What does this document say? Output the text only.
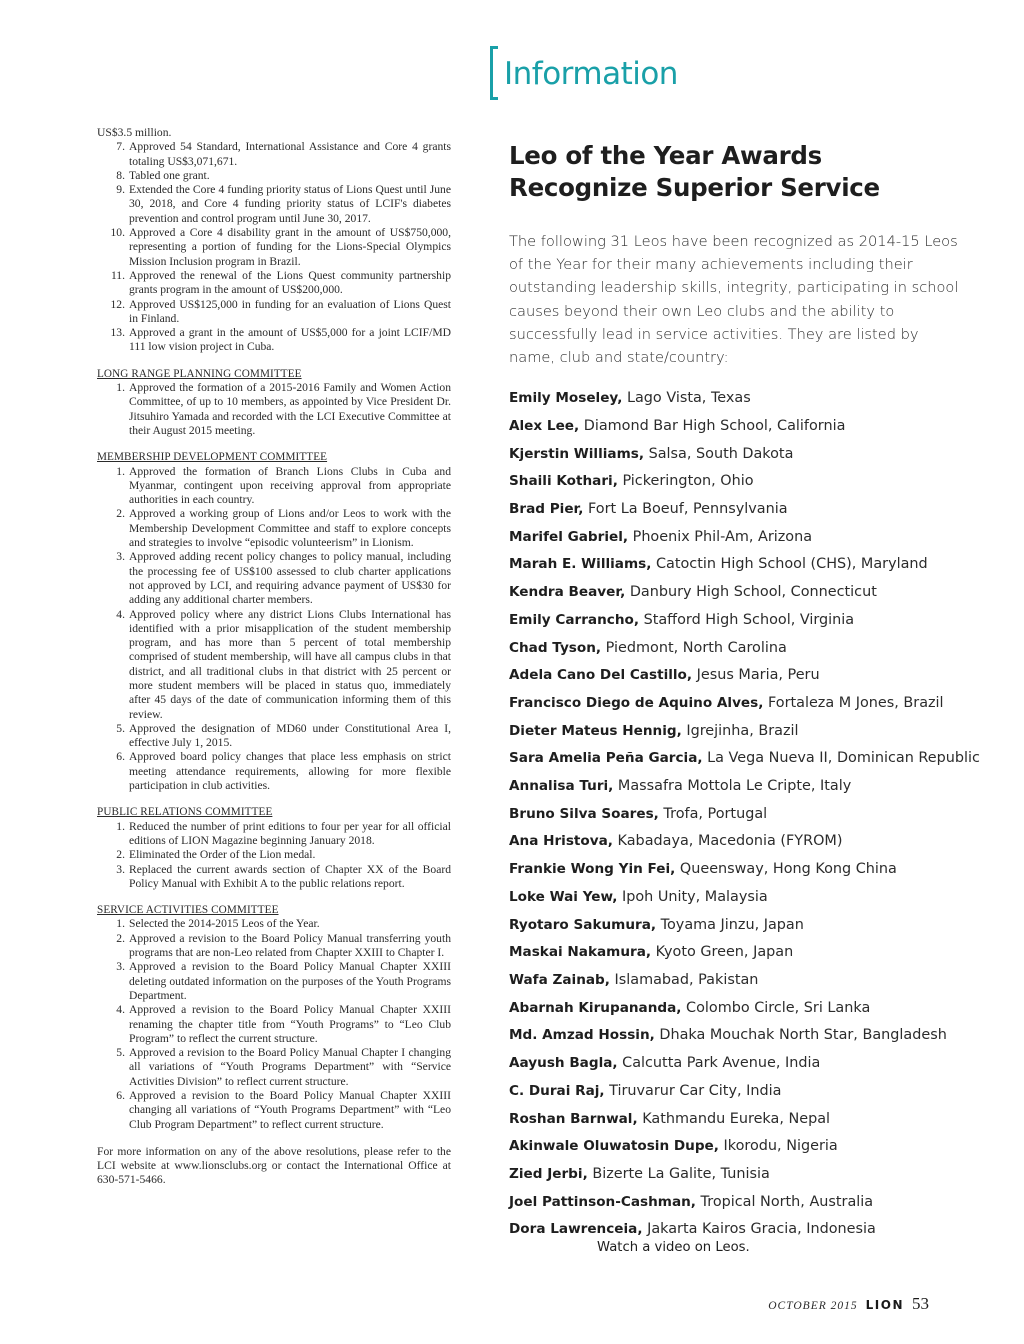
Information

US$3.5 million.

7. Approved 54 Standard, International Assistance and Core 4 grants totaling US$3,071,671.
8. Tabled one grant.
9. Extended the Core 4 funding priority status of Lions Quest until June 30, 2018, and Core 4 funding priority status of LCIF's diabetes prevention and control program until June 30, 2017.
10. Approved a Core 4 disability grant in the amount of US$750,000, representing a portion of funding for the Lions-Special Olympics Mission Inclusion program in Brazil.
11. Approved the renewal of the Lions Quest community partnership grants program in the amount of US$200,000.
12. Approved US$125,000 in funding for an evaluation of Lions Quest in Finland.
13. Approved a grant in the amount of US$5,000 for a joint LCIF/MD 111 low vision project in Cuba.
LONG RANGE PLANNING COMMITTEE
1. Approved the formation of a 2015-2016 Family and Women Action Committee, of up to 10 members, as appointed by Vice President Dr. Jitsuhiro Yamada and recorded with the LCI Executive Committee at their August 2015 meeting.
MEMBERSHIP DEVELOPMENT COMMITTEE
1. Approved the formation of Branch Lions Clubs in Cuba and Myanmar, contingent upon receiving approval from appropriate authorities in each country.
2. Approved a working group of Lions and/or Leos to work with the Membership Development Committee and staff to explore concepts and strategies to involve “episodic volunteerism” in Lionism.
3. Approved adding recent policy changes to policy manual, including the processing fee of US$100 assessed to club charter applications not approved by LCI, and requiring advance payment of US$30 for adding any additional charter members.
4. Approved policy where any district Lions Clubs International has identified with a prior misapplication of the student membership program, and has more than 5 percent of total membership comprised of student membership, will have all campus clubs in that district, and all traditional clubs in that district with 25 percent or more student members will be placed in status quo, immediately after 45 days of the date of communication informing them of this review.
5. Approved the designation of MD60 under Constitutional Area I, effective July 1, 2015.
6. Approved board policy changes that place less emphasis on strict meeting attendance requirements, allowing for more flexible participation in club activities.
PUBLIC RELATIONS COMMITTEE
1. Reduced the number of print editions to four per year for all official editions of LION Magazine beginning January 2018.
2. Eliminated the Order of the Lion medal.
3. Replaced the current awards section of Chapter XX of the Board Policy Manual with Exhibit A to the public relations report.
SERVICE ACTIVITIES COMMITTEE
1. Selected the 2014-2015 Leos of the Year.
2. Approved a revision to the Board Policy Manual transferring youth programs that are non-Leo related from Chapter XXIII to Chapter I.
3. Approved a revision to the Board Policy Manual Chapter XXIII deleting outdated information on the purposes of the Youth Programs Department.
4. Approved a revision to the Board Policy Manual Chapter XXIII renaming the chapter title from “Youth Programs” to “Leo Club Program” to reflect the current structure.
5. Approved a revision to the Board Policy Manual Chapter I changing all variations of “Youth Programs Department” with “Service Activities Division” to reflect current structure.
6. Approved a revision to the Board Policy Manual Chapter XXIII changing all variations of “Youth Programs Department” with “Leo Club Program Department” to reflect current structure.

For more information on any of the above resolutions, please refer to the LCI website at www.lionsclubs.org or contact the International Office at 630-571-5466.

Leo of the Year Awards
Recognize Superior Service

The following 31 Leos have been recognized as 2014-15 Leos of the Year for their many achievements including their outstanding leadership skills, integrity, participating in school causes beyond their own Leo clubs and the ability to successfully lead in service activities. They are listed by name, club and state/country:

Emily Moseley, Lago Vista, Texas
Alex Lee, Diamond Bar High School, California
Kjerstin Williams, Salsa, South Dakota
Shaili Kothari, Pickerington, Ohio
Brad Pier, Fort La Boeuf, Pennsylvania
Marifel Gabriel, Phoenix Phil-Am, Arizona
Marah E. Williams, Catoctin High School (CHS), Maryland
Kendra Beaver, Danbury High School, Connecticut
Emily Carrancho, Stafford High School, Virginia
Chad Tyson, Piedmont, North Carolina
Adela Cano Del Castillo, Jesus Maria, Peru
Francisco Diego de Aquino Alves, Fortaleza M Jones, Brazil
Dieter Mateus Hennig, Igrejinha, Brazil
Sara Amelia Peña Garcia, La Vega Nueva II, Dominican Republic
Annalisa Turi, Massafra Mottola Le Cripte, Italy
Bruno Silva Soares, Trofa, Portugal
Ana Hristova, Kabadaya, Macedonia (FYROM)
Frankie Wong Yin Fei, Queensway, Hong Kong China
Loke Wai Yew, Ipoh Unity, Malaysia
Ryotaro Sakumura, Toyama Jinzu, Japan
Maskai Nakamura, Kyoto Green, Japan
Wafa Zainab, Islamabad, Pakistan
Abarnah Kirupananda, Colombo Circle, Sri Lanka
Md. Amzad Hossin, Dhaka Mouchak North Star, Bangladesh
Aayush Bagla, Calcutta Park Avenue, India
C. Durai Raj, Tiruvarur Car City, India
Roshan Barnwal, Kathmandu Eureka, Nepal
Akinwale Oluwatosin Dupe, Ikorodu, Nigeria
Zied Jerbi, Bizerte La Galite, Tunisia
Joel Pattinson-Cashman, Tropical North, Australia
Dora Lawrenceia, Jakarta Kairos Gracia, Indonesia
Watch a video on Leos.
OCTOBER 2015 LION 53
